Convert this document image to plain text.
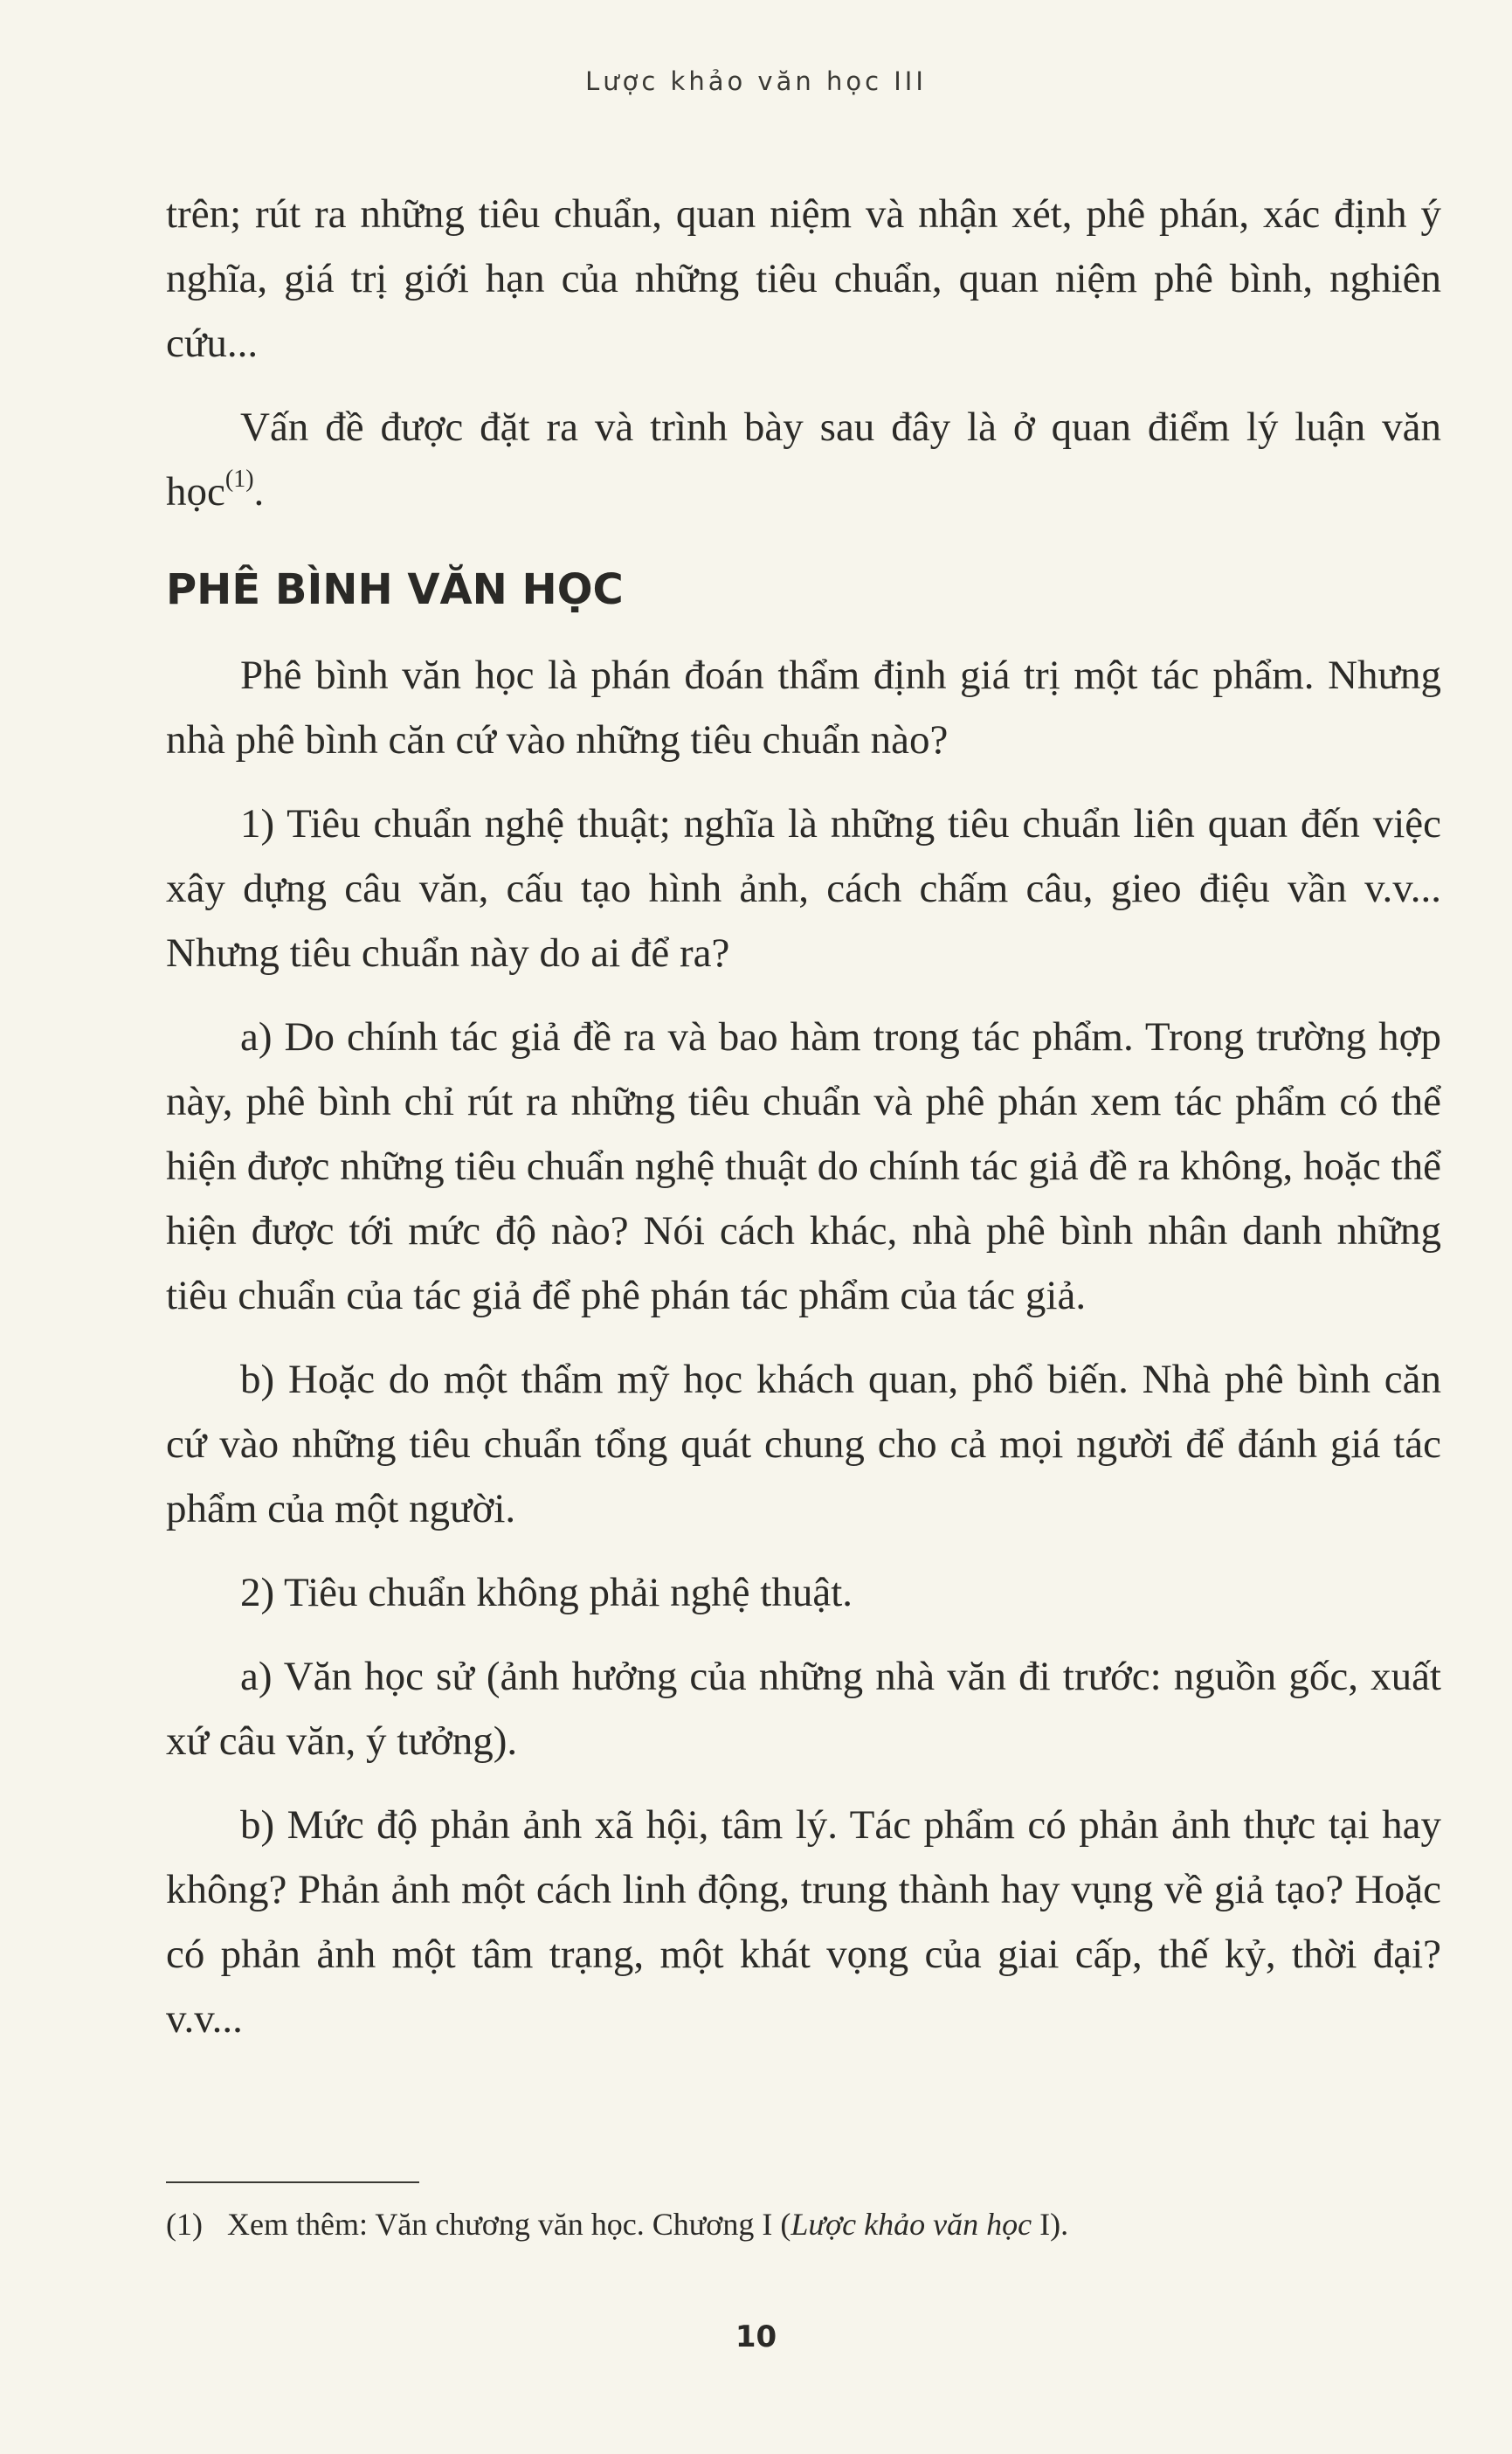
Lược khảo văn học III

trên; rút ra những tiêu chuẩn, quan niệm và nhận xét, phê phán, xác định ý nghĩa, giá trị giới hạn của những tiêu chuẩn, quan niệm phê bình, nghiên cứu...

Vấn đề được đặt ra và trình bày sau đây là ở quan điểm lý luận văn học$^{(1)}$.

PHÊ BÌNH VĂN HỌC

Phê bình văn học là phán đoán thẩm định giá trị một tác phẩm. Nhưng nhà phê bình căn cứ vào những tiêu chuẩn nào?

1) Tiêu chuẩn nghệ thuật; nghĩa là những tiêu chuẩn liên quan đến việc xây dựng câu văn, cấu tạo hình ảnh, cách chấm câu, gieo điệu vần v.v... Nhưng tiêu chuẩn này do ai để ra?

a) Do chính tác giả đề ra và bao hàm trong tác phẩm. Trong trường hợp này, phê bình chỉ rút ra những tiêu chuẩn và phê phán xem tác phẩm có thể hiện được những tiêu chuẩn nghệ thuật do chính tác giả đề ra không, hoặc thể hiện được tới mức độ nào? Nói cách khác, nhà phê bình nhân danh những tiêu chuẩn của tác giả để phê phán tác phẩm của tác giả.

b) Hoặc do một thẩm mỹ học khách quan, phổ biến. Nhà phê bình căn cứ vào những tiêu chuẩn tổng quát chung cho cả mọi người để đánh giá tác phẩm của một người.

2) Tiêu chuẩn không phải nghệ thuật.

a) Văn học sử (ảnh hưởng của những nhà văn đi trước: nguồn gốc, xuất xứ câu văn, ý tưởng).

b) Mức độ phản ảnh xã hội, tâm lý. Tác phẩm có phản ảnh thực tại hay không? Phản ảnh một cách linh động, trung thành hay vụng về giả tạo? Hoặc có phản ảnh một tâm trạng, một khát vọng của giai cấp, thế kỷ, thời đại? v.v...

(1) Xem thêm: Văn chương văn học. Chương I (Lược khảo văn học I).
10
